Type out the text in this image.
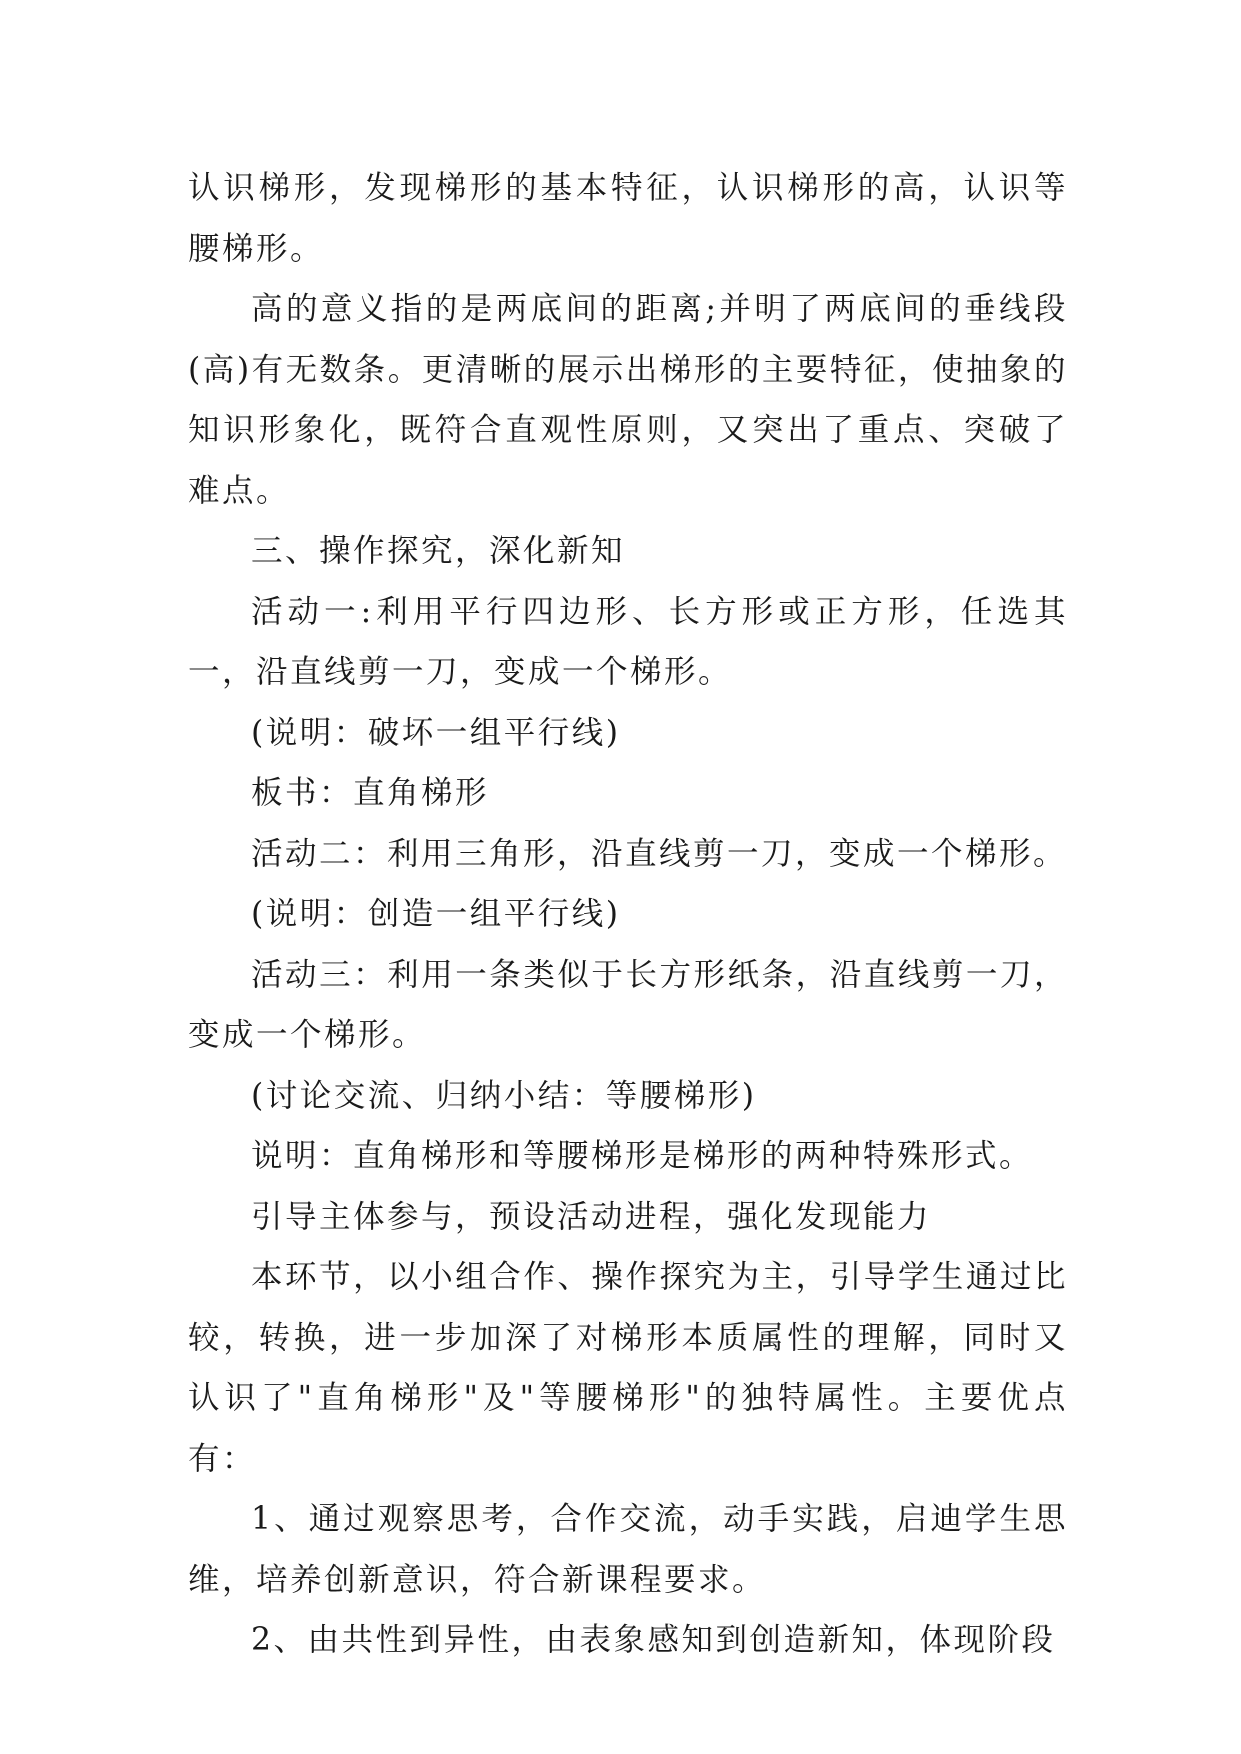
认识梯形，发现梯形的基本特征，认识梯形的高，认识等腰梯形。

高的意义指的是两底间的距离;并明了两底间的垂线段(高)有无数条。更清晰的展示出梯形的主要特征，使抽象的知识形象化，既符合直观性原则，又突出了重点、突破了难点。

三、操作探究，深化新知

活动一:利用平行四边形、长方形或正方形，任选其一，沿直线剪一刀，变成一个梯形。

(说明：破坏一组平行线)

板书：直角梯形

活动二：利用三角形，沿直线剪一刀，变成一个梯形。

(说明：创造一组平行线)

活动三：利用一条类似于长方形纸条，沿直线剪一刀，变成一个梯形。

(讨论交流、归纳小结：等腰梯形)

说明：直角梯形和等腰梯形是梯形的两种特殊形式。

引导主体参与，预设活动进程，强化发现能力

本环节，以小组合作、操作探究为主，引导学生通过比较，转换，进一步加深了对梯形本质属性的理解，同时又认识了"直角梯形"及"等腰梯形"的独特属性。主要优点有：

1、通过观察思考，合作交流，动手实践，启迪学生思维，培养创新意识，符合新课程要求。

2、由共性到异性，由表象感知到创造新知，体现阶段
